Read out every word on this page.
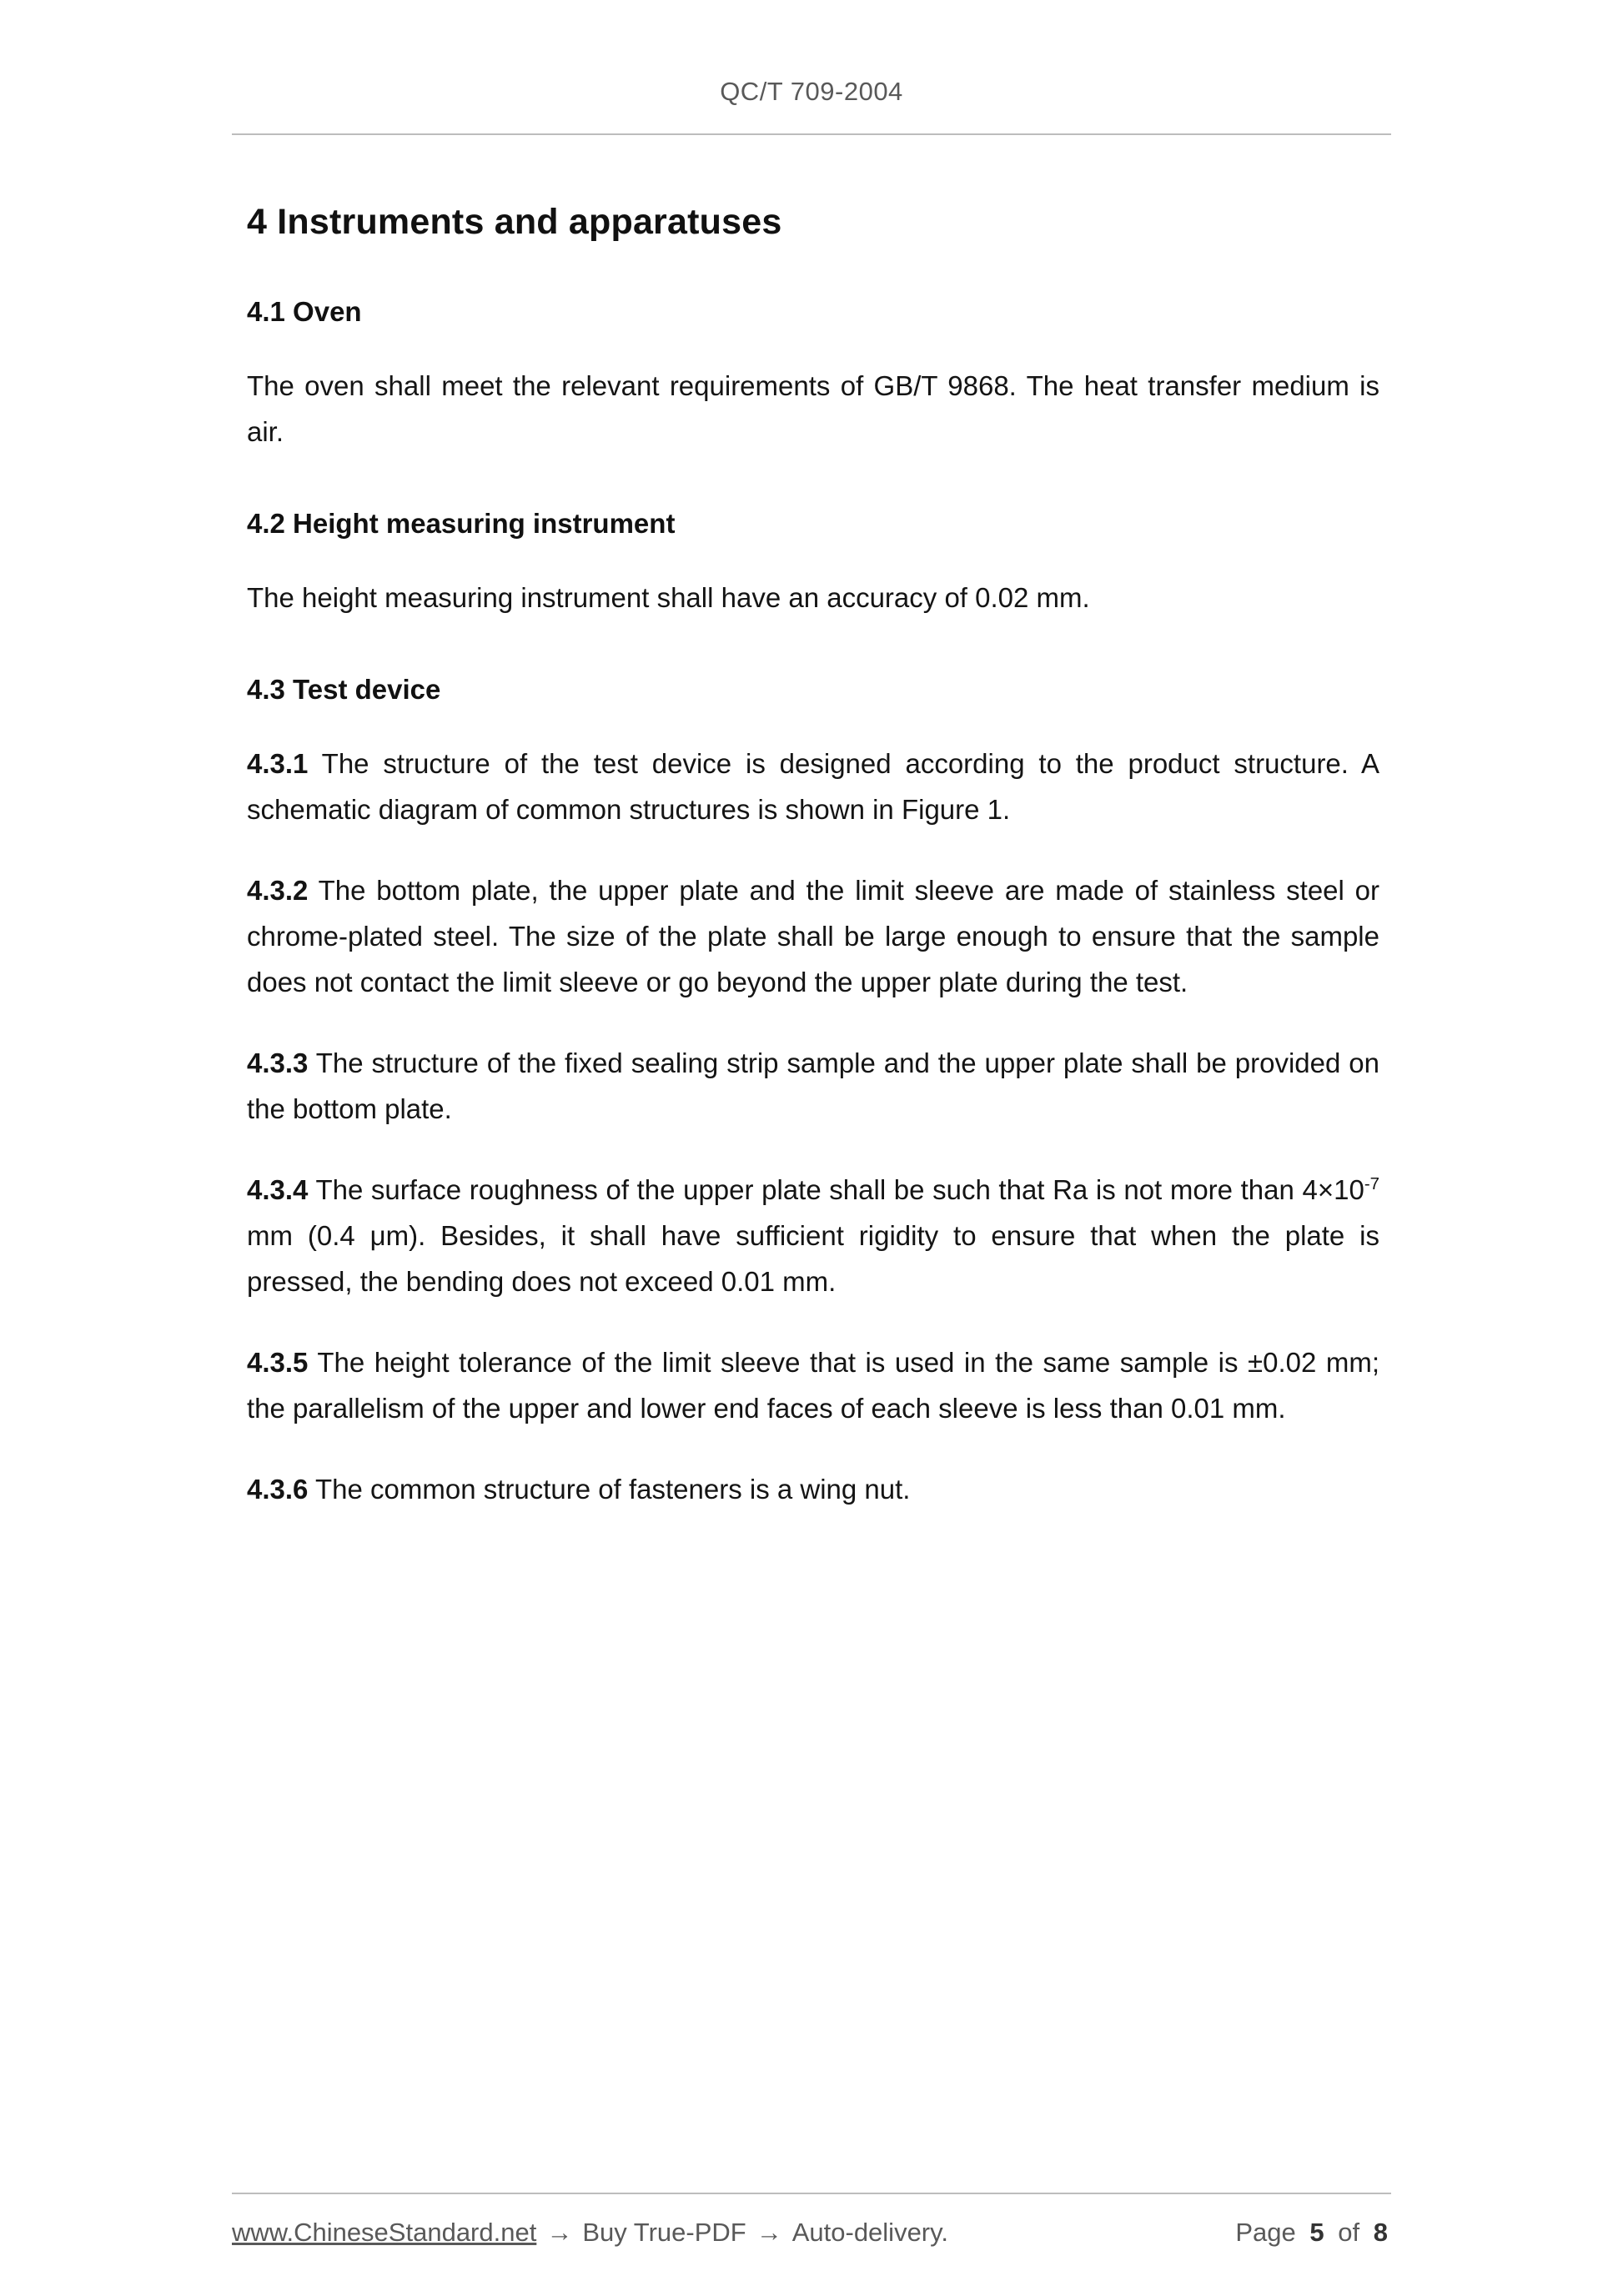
QC/T 709-2004
4 Instruments and apparatuses
4.1 Oven

The oven shall meet the relevant requirements of GB/T 9868. The heat transfer medium is air.

4.2 Height measuring instrument

The height measuring instrument shall have an accuracy of 0.02 mm.

4.3 Test device

4.3.1 The structure of the test device is designed according to the product structure. A schematic diagram of common structures is shown in Figure 1.

4.3.2 The bottom plate, the upper plate and the limit sleeve are made of stainless steel or chrome-plated steel. The size of the plate shall be large enough to ensure that the sample does not contact the limit sleeve or go beyond the upper plate during the test.

4.3.3 The structure of the fixed sealing strip sample and the upper plate shall be provided on the bottom plate.

4.3.4 The surface roughness of the upper plate shall be such that Ra is not more than $4\times 10^{-7}$ mm (0.4 μm). Besides, it shall have sufficient rigidity to ensure that when the plate is pressed, the bending does not exceed 0.01 mm.

4.3.5 The height tolerance of the limit sleeve that is used in the same sample is ±0.02 mm; the parallelism of the upper and lower end faces of each sleeve is less than 0.01 mm.

4.3.6 The common structure of fasteners is a wing nut.

www.ChineseStandard.net → Buy True-PDF → Auto-delivery.	Page 5 of 8
